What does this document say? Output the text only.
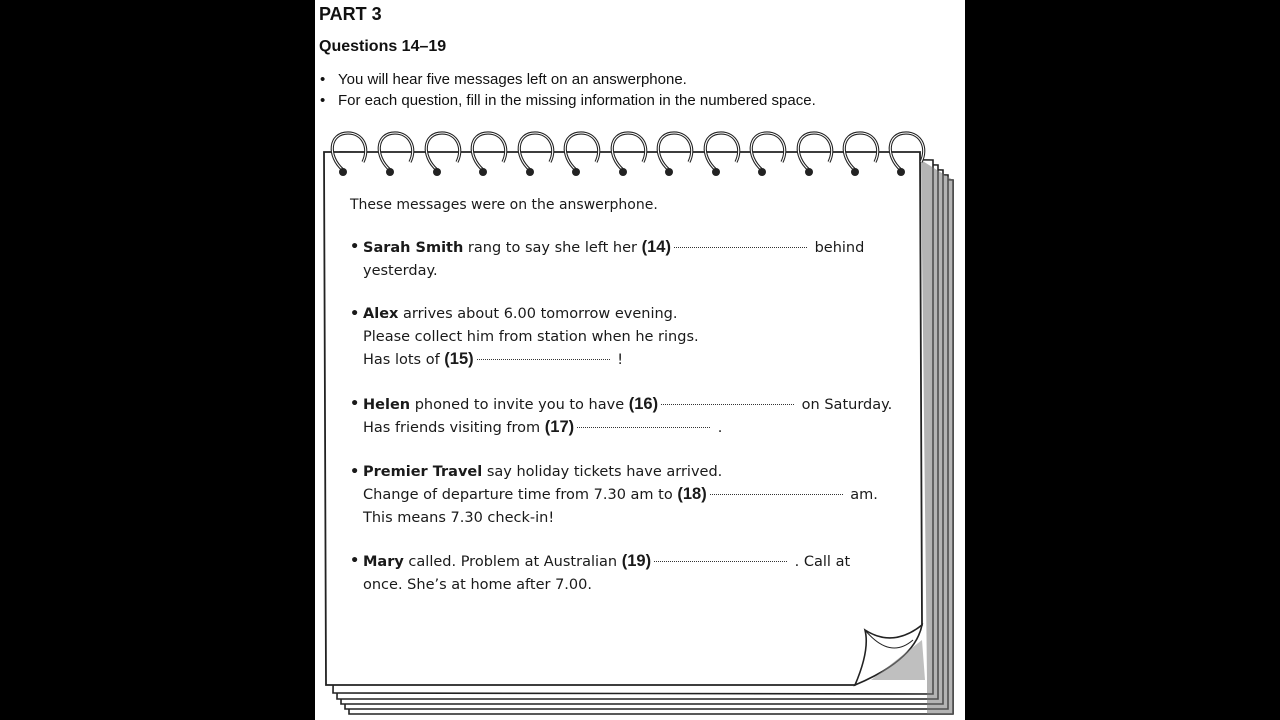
PART 3
Questions 14–19
• You will hear five messages left on an answerphone.
• For each question, fill in the missing information in the numbered space.

These messages were on the answerphone.

• Sarah Smith rang to say she left her (14)	behind
yesterday.
• Alex arrives about 6.00 tomorrow evening.
Please collect him from station when he rings.
Has lots of (15)	!
• Helen phoned to invite you to have (16)	on Saturday.
Has friends visiting from (17)	.
• Premier Travel say holiday tickets have arrived.
Change of departure time from 7.30 am to (18)	am.
This means 7.30 check-in!
• Mary called. Problem at Australian (19)	. Call at
once. She’s at home after 7.00.
